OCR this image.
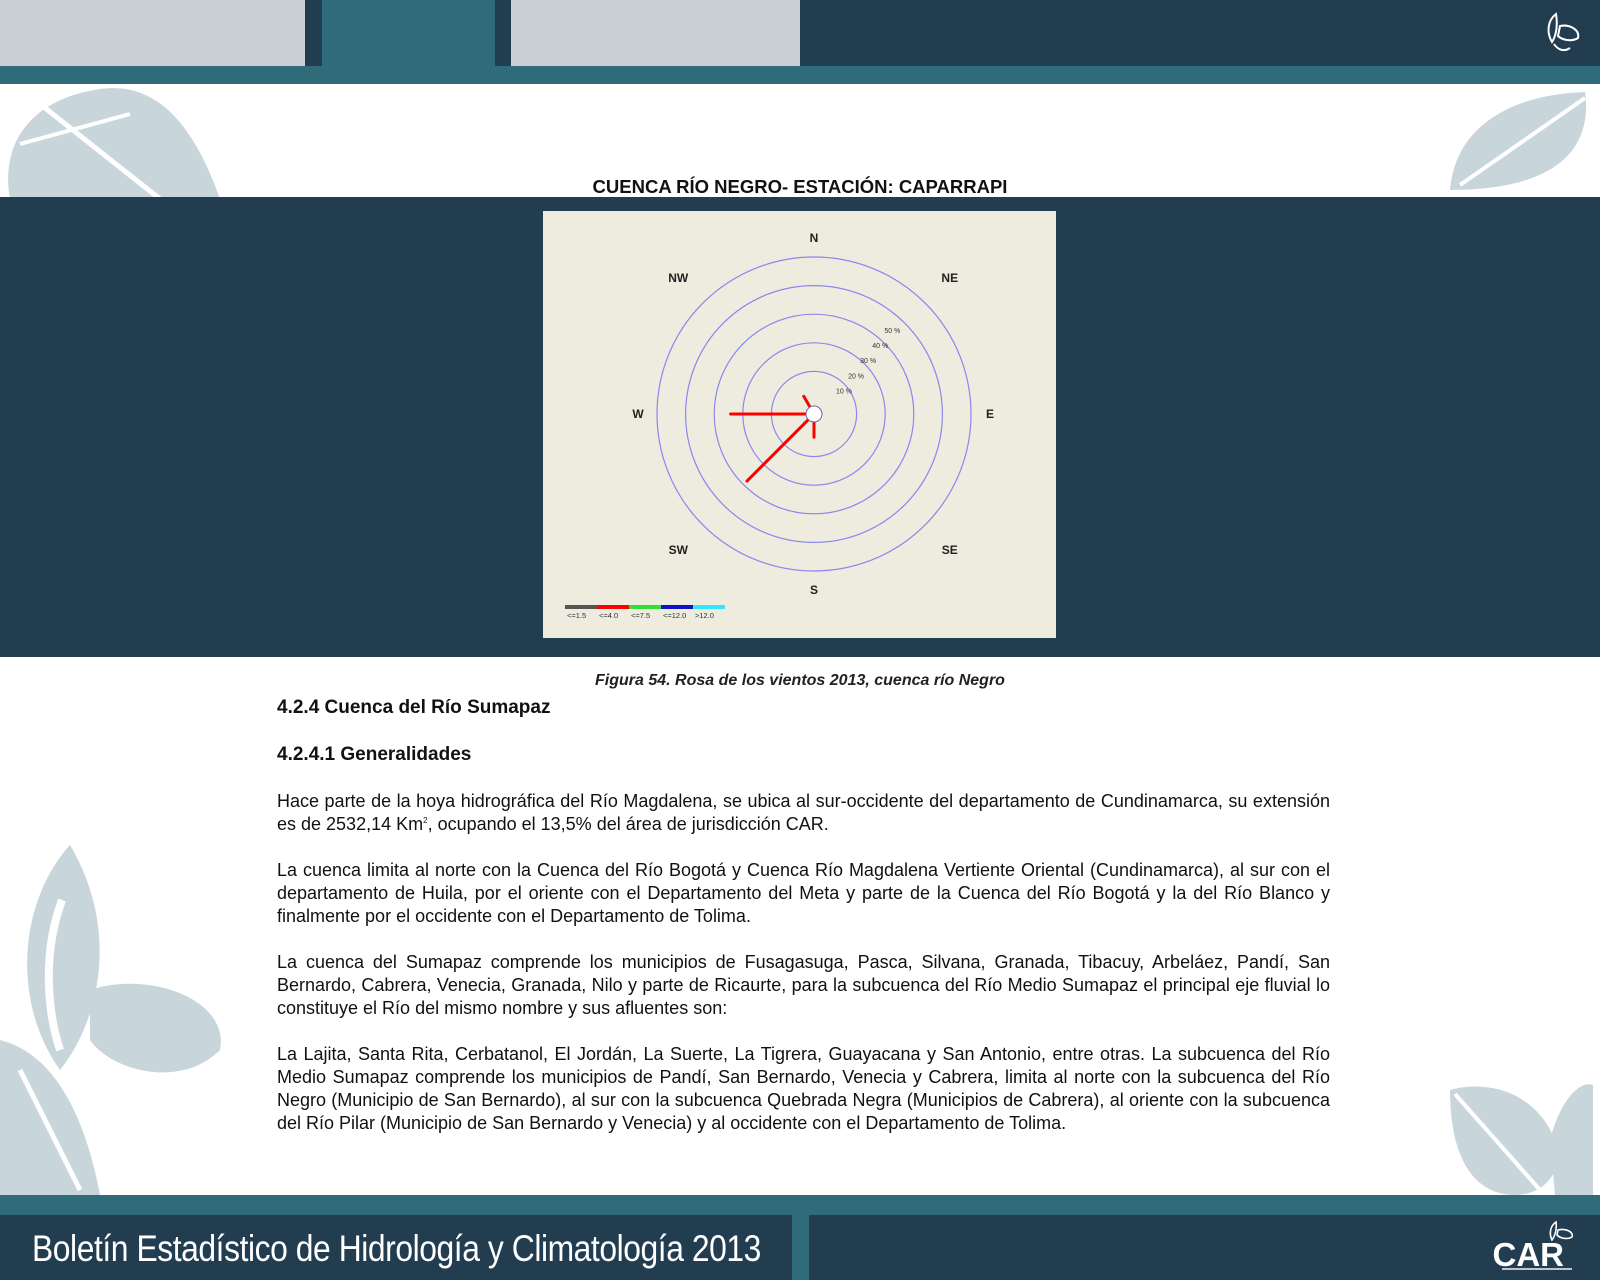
CUENCA RÍO NEGRO- ESTACIÓN: CAPARRAPI
10 %
20 %
30 %
40 %
50 %
N
NE
E
SE
S
SW
W
NW
<=1.5 <=4.0 <=7.5 <=12.0 >12.0
Figura 54. Rosa de los vientos 2013, cuenca río Negro
4.2.4 Cuenca del Río Sumapaz
4.2.4.1 Generalidades

Hace parte de la hoya hidrográfica del Río Magdalena, se ubica al sur-occidente del departamento de Cundinamarca, su extensión es de 2532,14 Km$^2$, ocupando el 13,5% del área de jurisdicción CAR.

La cuenca limita al norte con la Cuenca del Río Bogotá y Cuenca Río Magdalena Vertiente Oriental (Cundinamarca), al sur con el departamento de Huila, por el oriente con el Departamento del Meta y parte de la Cuenca del Río Bogotá y la del Río Blanco y finalmente por el occidente con el Departamento de Tolima.

La cuenca del Sumapaz comprende los municipios de Fusagasuga, Pasca, Silvana, Granada, Tibacuy, Arbeláez, Pandí, San Bernardo, Cabrera, Venecia, Granada, Nilo y parte de Ricaurte, para la subcuenca del Río Medio Sumapaz el principal eje fluvial lo constituye el Río del mismo nombre y sus afluentes son:

La Lajita, Santa Rita, Cerbatanol, El Jordán, La Suerte, La Tigrera, Guayacana y San Antonio, entre otras. La subcuenca del Río Medio Sumapaz comprende los municipios de Pandí, San Bernardo, Venecia y Cabrera, limita al norte con la subcuenca del Río Negro (Municipio de San Bernardo), al sur con la subcuenca Quebrada Negra (Municipios de Cabrera), al oriente con la subcuenca del Río Pilar (Municipio de San Bernardo y Venecia) y al occidente con el Departamento de Tolima.

Boletín Estadístico de Hidrología y Climatología 2013	CAR
